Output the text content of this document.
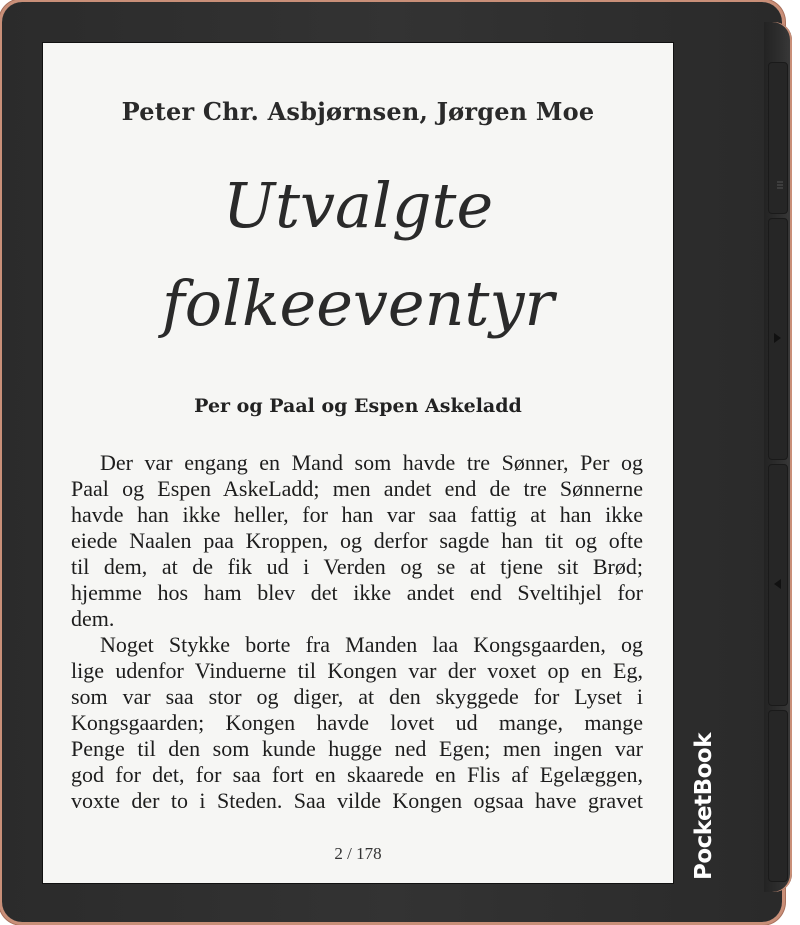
Peter Chr. Asbjørnsen, Jørgen Moe
Utvalgte
folkeeventyr
Per og Paal og Espen Askeladd
Der var engang en Mand som havde tre Sønner, Per og
Paal og Espen AskeLadd; men andet end de tre Sønnerne
havde han ikke heller, for han var saa fattig at han ikke
eiede Naalen paa Kroppen, og derfor sagde han tit og ofte
til dem, at de fik ud i Verden og se at tjene sit Brød;
hjemme hos ham blev det ikke andet end Sveltihjel for
dem.
Noget Stykke borte fra Manden laa Kongsgaarden, og
lige udenfor Vinduerne til Kongen var der voxet op en Eg,
som var saa stor og diger, at den skyggede for Lyset i
Kongsgaarden; Kongen havde lovet ud mange, mange
Penge til den som kunde hugge ned Egen; men ingen var
god for det, for saa fort en skaarede en Flis af Egelæggen,
voxte der to i Steden. Saa vilde Kongen ogsaa have gravet
2 / 178	PocketBook
